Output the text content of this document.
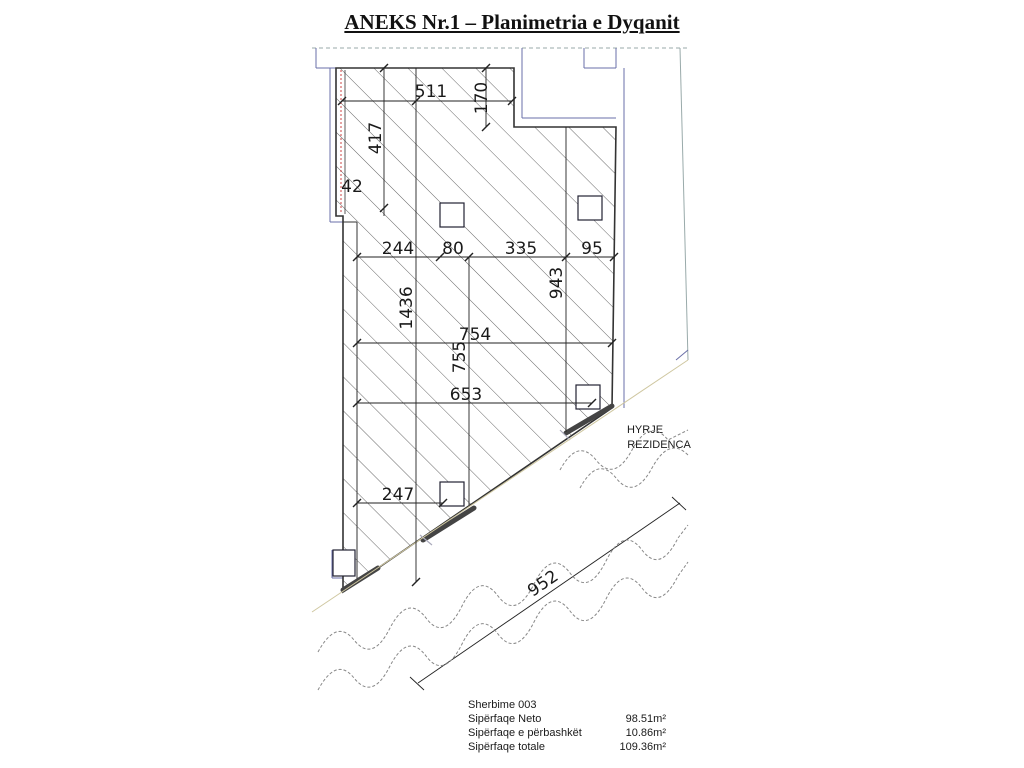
ANEKS Nr.1 – Planimetria e Dyqanit
511 170
417
42
244 80 335	95
1436
943
754
755
653
247
952
HYRJE
REZIDENCA
Sherbime 003
Sipërfaqe Neto	98.51m²
Sipërfaqe e përbashkët	10.86m²
Sipërfaqe totale	109.36m²
